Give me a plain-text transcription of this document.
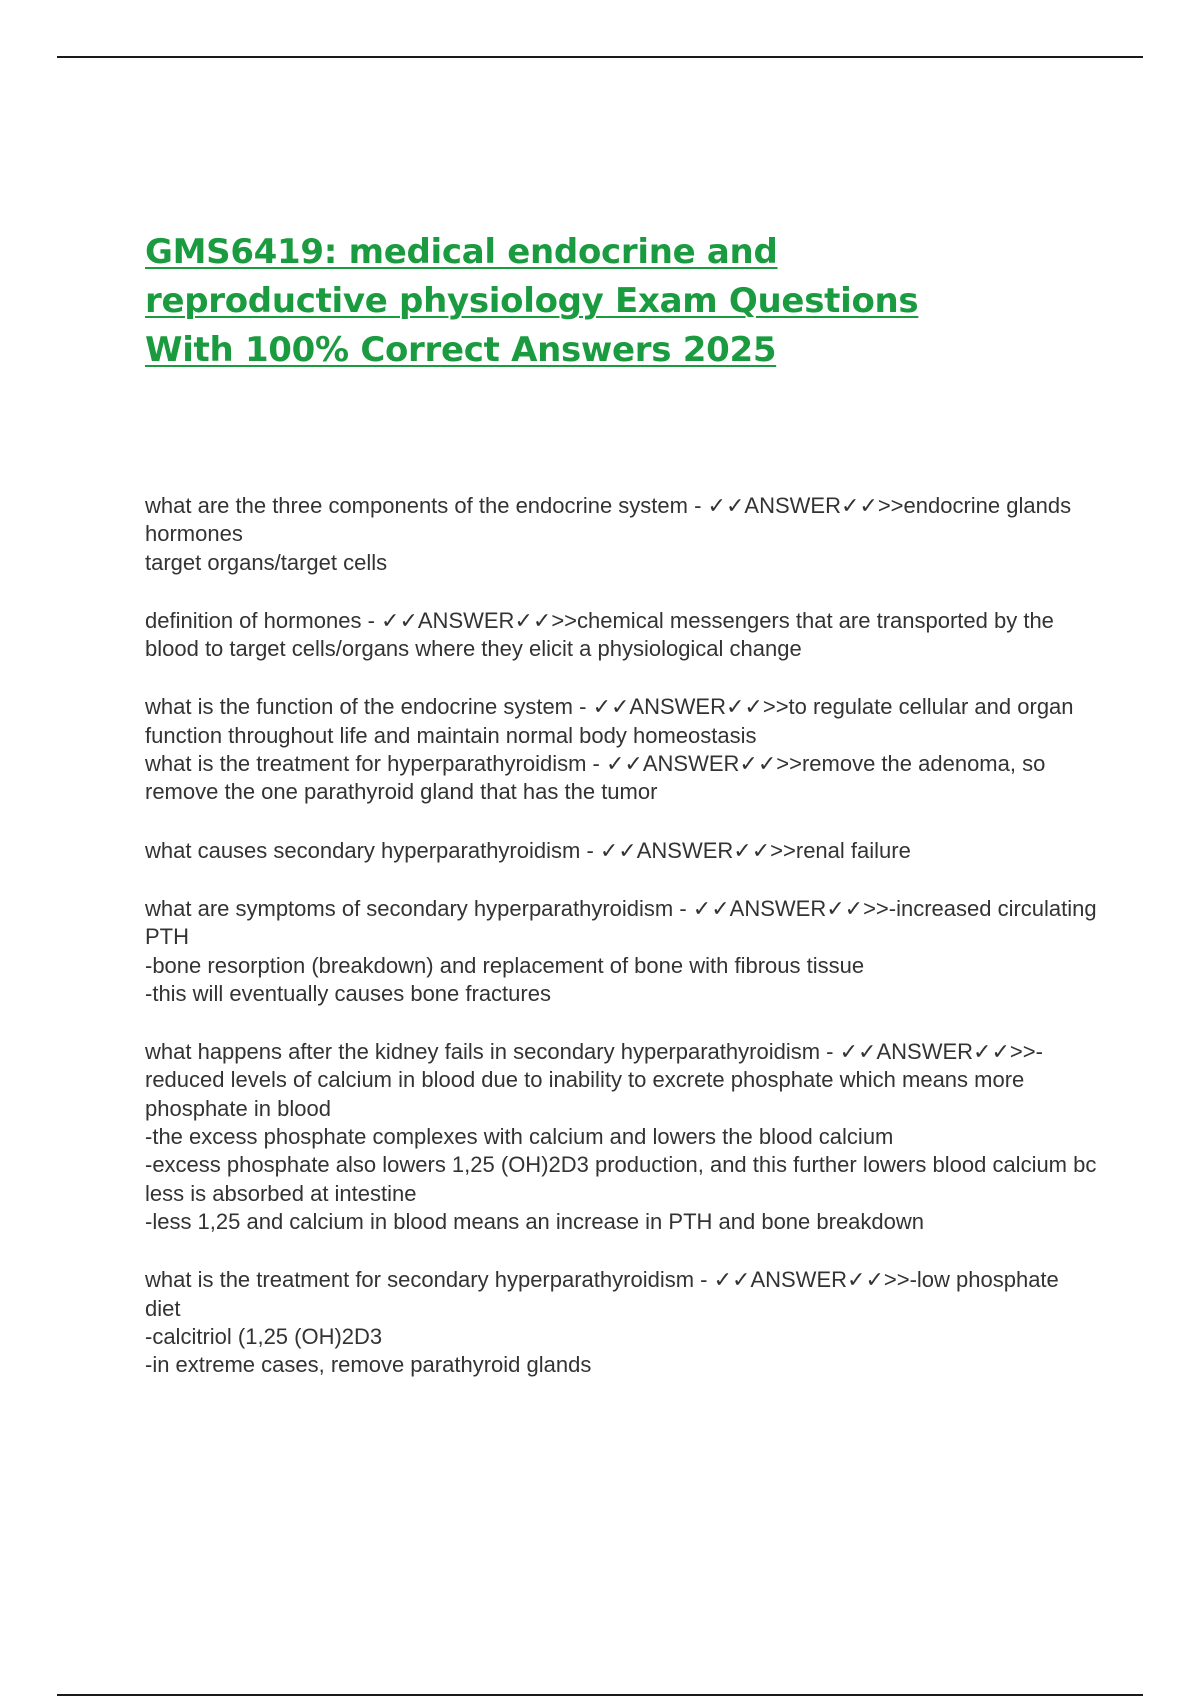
GMS6419: medical endocrine and reproductive physiology Exam Questions With 100% Correct Answers 2025

what are the three components of the endocrine system - ✓✓ANSWER✓✓>>endocrine glands
hormones
target organs/target cells

definition of hormones - ✓✓ANSWER✓✓>>chemical messengers that are transported by the blood to target cells/organs where they elicit a physiological change

what is the function of the endocrine system - ✓✓ANSWER✓✓>>to regulate cellular and organ function throughout life and maintain normal body homeostasis
what is the treatment for hyperparathyroidism - ✓✓ANSWER✓✓>>remove the adenoma, so remove the one parathyroid gland that has the tumor

what causes secondary hyperparathyroidism - ✓✓ANSWER✓✓>>renal failure

what are symptoms of secondary hyperparathyroidism - ✓✓ANSWER✓✓>>-increased circulating PTH
-bone resorption (breakdown) and replacement of bone with fibrous tissue
-this will eventually causes bone fractures

what happens after the kidney fails in secondary hyperparathyroidism - ✓✓ANSWER✓✓>>-reduced levels of calcium in blood due to inability to excrete phosphate which means more phosphate in blood
-the excess phosphate complexes with calcium and lowers the blood calcium
-excess phosphate also lowers 1,25 (OH)2D3 production, and this further lowers blood calcium bc less is absorbed at intestine
-less 1,25 and calcium in blood means an increase in PTH and bone breakdown

what is the treatment for secondary hyperparathyroidism - ✓✓ANSWER✓✓>>-low phosphate diet
-calcitriol (1,25 (OH)2D3
-in extreme cases, remove parathyroid glands
